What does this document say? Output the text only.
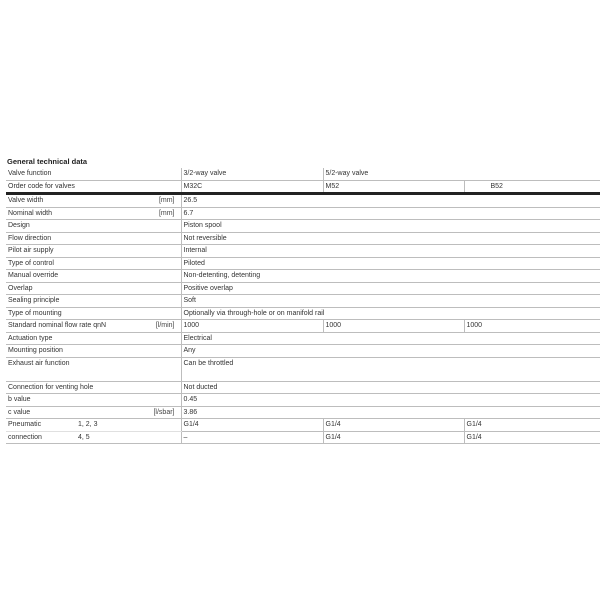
General technical data
Valve function	3/2-way valve	5/2-way valve	
Order code for valves	M32C	M52	B52
Valve width [mm]	26.5		
Nominal width [mm]	6.7		
Design	Piston spool		
Flow direction	Not reversible		
Pilot air supply	Internal		
Type of control	Piloted		
Manual override	Non-detenting, detenting		
Overlap	Positive overlap		
Sealing principle	Soft		
Type of mounting	Optionally via through-hole or on manifold rail		
Standard nominal flow rate qnN [l/min]	1000	1000	1000
Actuation type	Electrical		
Mounting position	Any		

Exhaust air function	Can be throttled		
Connection for venting hole	Not ducted		
b value	0.45		
c value [l/sbar]	3.86		
Pneumatic 1, 2, 3	G1/4	G1/4	G1/4
connection 4, 5	–	G1/4	G1/4
